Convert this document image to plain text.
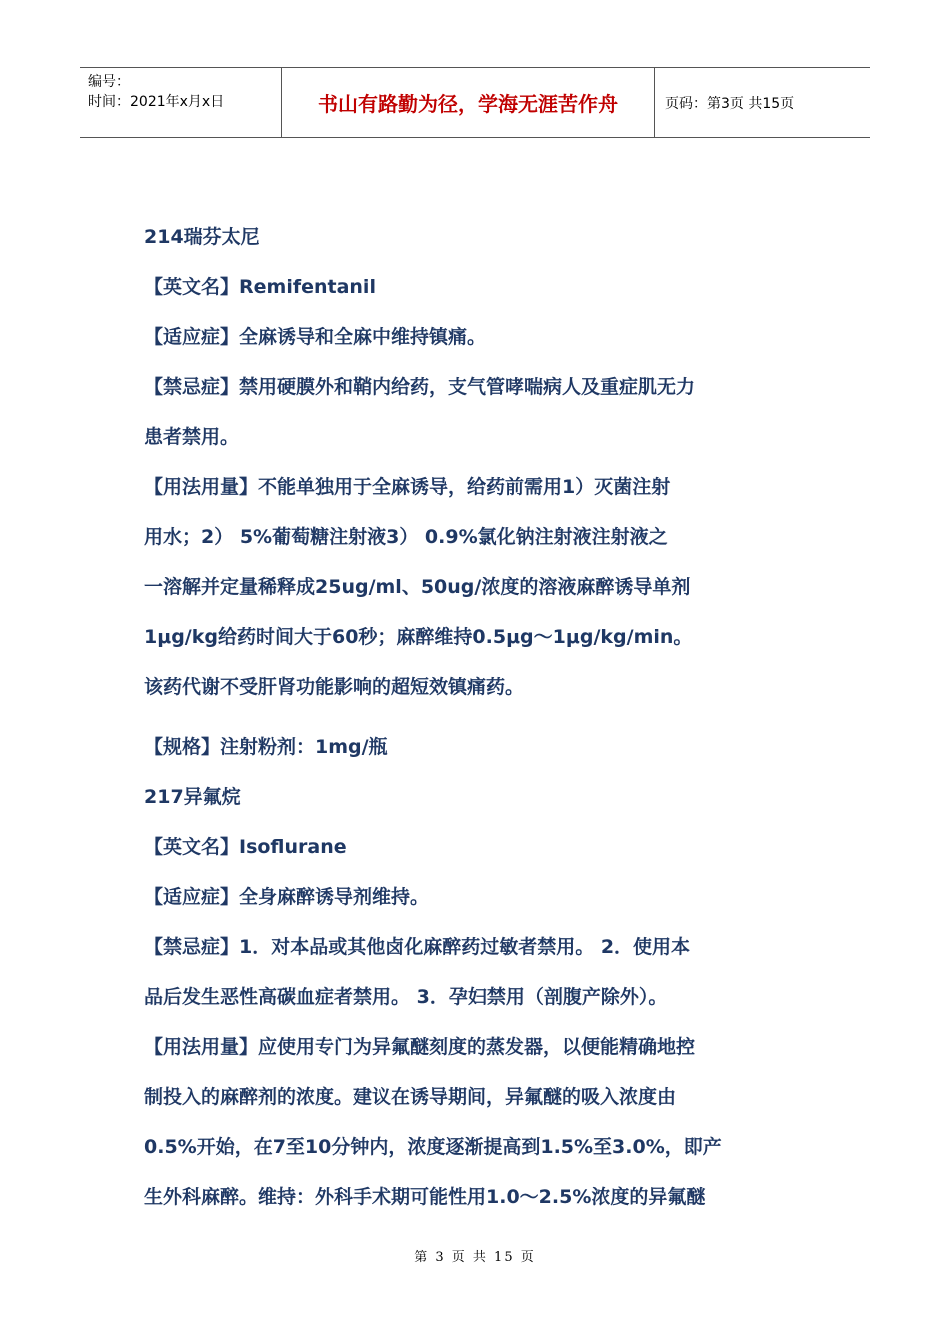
编号：
时间：2021年x月x日	书山有路勤为径，学海无涯苦作舟	页码：第3页 共15页

214瑞芬太尼

【英文名】Remifentanil

【适应症】全麻诱导和全麻中维持镇痛。

【禁忌症】禁用硬膜外和鞘内给药，支气管哮喘病人及重症肌无力

患者禁用。

【用法用量】不能单独用于全麻诱导，给药前需用1）灭菌注射

用水；2） 5%葡萄糖注射液3） 0.9%氯化钠注射液注射液之

一溶解并定量稀释成25ug/ml、50ug/浓度的溶液麻醉诱导单剂

1μg/kg给药时间大于60秒；麻醉维持0.5μg～1μg/kg/min。

该药代谢不受肝肾功能影响的超短效镇痛药。

【规格】注射粉剂：1mg/瓶

217异氟烷

【英文名】Isoflurane

【适应症】全身麻醉诱导剂维持。

【禁忌症】1．对本品或其他卤化麻醉药过敏者禁用。 2．使用本

品后发生恶性高碳血症者禁用。 3．孕妇禁用（剖腹产除外）。

【用法用量】应使用专门为异氟醚刻度的蒸发器，以便能精确地控

制投入的麻醉剂的浓度。建议在诱导期间，异氟醚的吸入浓度由

0.5%开始，在7至10分钟内，浓度逐渐提高到1.5%至3.0%，即产

生外科麻醉。维持：外科手术期可能性用1.0～2.5%浓度的异氟醚

第 3 页 共 15 页
